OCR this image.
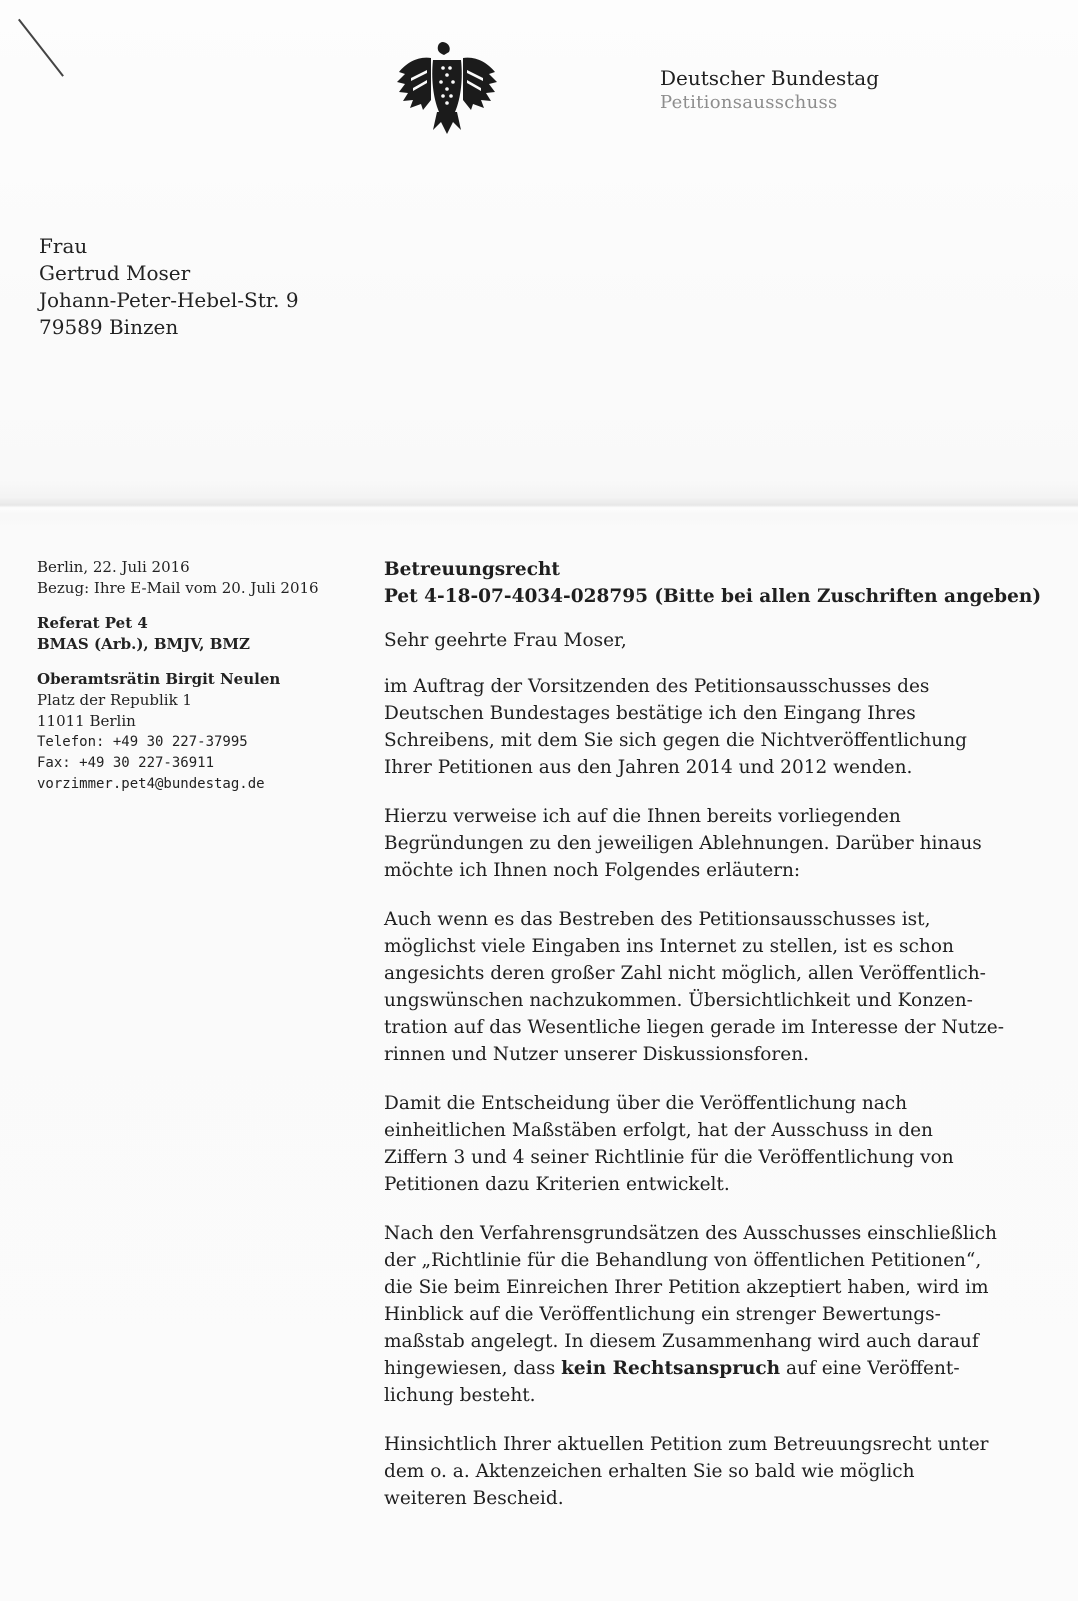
Deutscher Bundestag
Petitionsausschuss
Frau
Gertrud Moser
Johann-Peter-Hebel-Str. 9
79589 Binzen
Berlin, 22. Juli 2016
Bezug: Ihre E-Mail vom 20. Juli 2016
Referat Pet 4
BMAS (Arb.), BMJV, BMZ
Oberamtsrätin Birgit Neulen
Platz der Republik 1
11011 Berlin
Telefon: +49 30 227-37995
Fax: +49 30 227-36911
vorzimmer.pet4@bundestag.de
Betreuungsrecht
Pet 4-18-07-4034-028795 (Bitte bei allen Zuschriften angeben)
Sehr geehrte Frau Moser,
im Auftrag der Vorsitzenden des Petitionsausschusses des
Deutschen Bundestages bestätige ich den Eingang Ihres
Schreibens, mit dem Sie sich gegen die Nichtveröffentlichung
Ihrer Petitionen aus den Jahren 2014 und 2012 wenden.
Hierzu verweise ich auf die Ihnen bereits vorliegenden
Begründungen zu den jeweiligen Ablehnungen. Darüber hinaus
möchte ich Ihnen noch Folgendes erläutern:
Auch wenn es das Bestreben des Petitionsausschusses ist,
möglichst viele Eingaben ins Internet zu stellen, ist es schon
angesichts deren großer Zahl nicht möglich, allen Veröffentlich-
ungswünschen nachzukommen. Übersichtlichkeit und Konzen-
tration auf das Wesentliche liegen gerade im Interesse der Nutze-
rinnen und Nutzer unserer Diskussionsforen.
Damit die Entscheidung über die Veröffentlichung nach
einheitlichen Maßstäben erfolgt, hat der Ausschuss in den
Ziffern 3 und 4 seiner Richtlinie für die Veröffentlichung von
Petitionen dazu Kriterien entwickelt.
Nach den Verfahrensgrundsätzen des Ausschusses einschließlich
der „Richtlinie für die Behandlung von öffentlichen Petitionen“,
die Sie beim Einreichen Ihrer Petition akzeptiert haben, wird im
Hinblick auf die Veröffentlichung ein strenger Bewertungs-
maßstab angelegt. In diesem Zusammenhang wird auch darauf
hingewiesen, dass kein Rechtsanspruch auf eine Veröffent-
lichung besteht.
Hinsichtlich Ihrer aktuellen Petition zum Betreuungsrecht unter
dem o. a. Aktenzeichen erhalten Sie so bald wie möglich
weiteren Bescheid.
